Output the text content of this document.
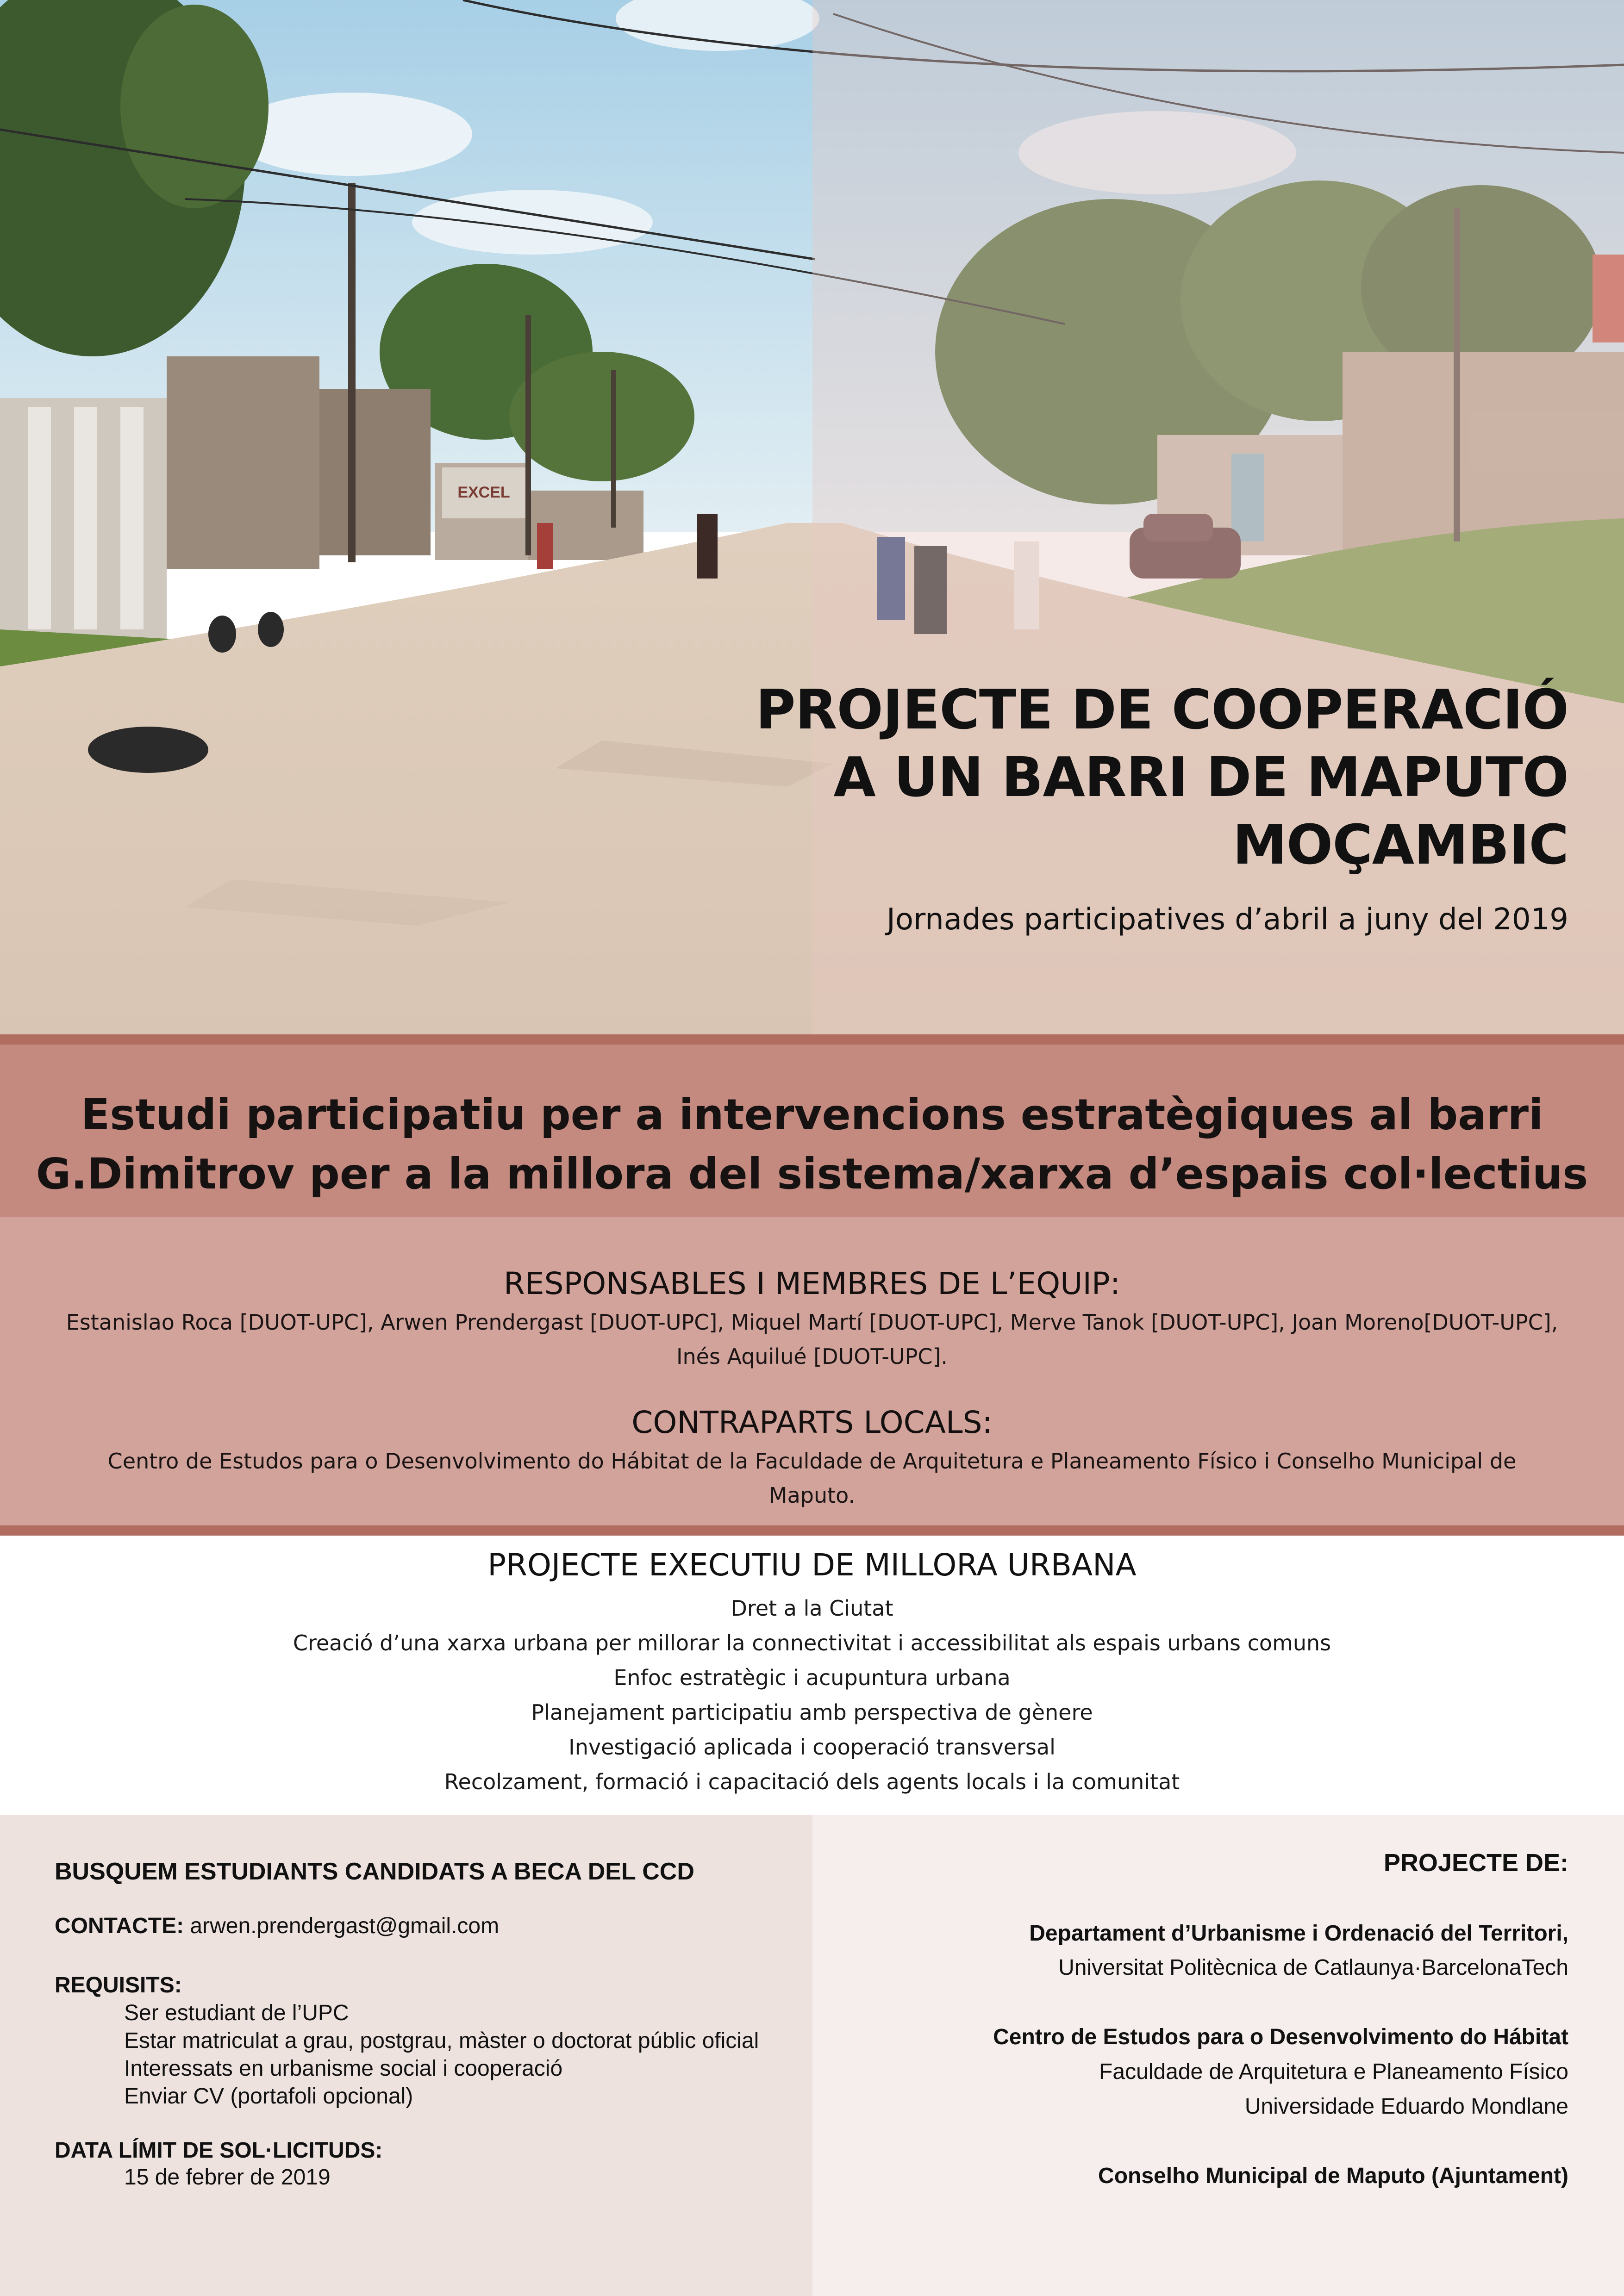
EXCEL
PROJECTE DE COOPERACIÓ
A UN BARRI DE MAPUTO
MOÇAMBIC
Jornades participatives d’abril a juny del 2019
Estudi participatiu per a intervencions estratègiques al barri
G.Dimitrov per a la millora del sistema/xarxa d’espais col·lectius
RESPONSABLES I MEMBRES DE L’EQUIP:
Estanislao Roca [DUOT-UPC], Arwen Prendergast [DUOT-UPC], Miquel Martí [DUOT-UPC], Merve Tanok [DUOT-UPC], Joan Moreno[DUOT-UPC], Inés Aquilué [DUOT-UPC].
CONTRAPARTS LOCALS:
Centro de Estudos para o Desenvolvimento do Hábitat de la Faculdade de Arquitetura e Planeamento Físico i Conselho Municipal de Maputo.
PROJECTE EXECUTIU DE MILLORA URBANA
Dret a la Ciutat
Creació d’una xarxa urbana per millorar la connectivitat i accessibilitat als espais urbans comuns
Enfoc estratègic i acupuntura urbana
Planejament participatiu amb perspectiva de gènere
Investigació aplicada i cooperació transversal
Recolzament, formació i capacitació dels agents locals i la comunitat
BUSQUEM ESTUDIANTS CANDIDATS A BECA DEL CCD
CONTACTE: arwen.prendergast@gmail.com
REQUISITS:
Ser estudiant de l’UPC
Estar matriculat a grau, postgrau, màster o doctorat públic oficial
Interessats en urbanisme social i cooperació
Enviar CV (portafoli opcional)
DATA LÍMIT DE SOL·LICITUDS:
15 de febrer de 2019
PROJECTE DE:
Departament d’Urbanisme i Ordenació del Territori,
Universitat Politècnica de Catlaunya·BarcelonaTech
Centro de Estudos para o Desenvolvimento do Hábitat
Faculdade de Arquitetura e Planeamento Físico
Universidade Eduardo Mondlane
Conselho Municipal de Maputo (Ajuntament)
